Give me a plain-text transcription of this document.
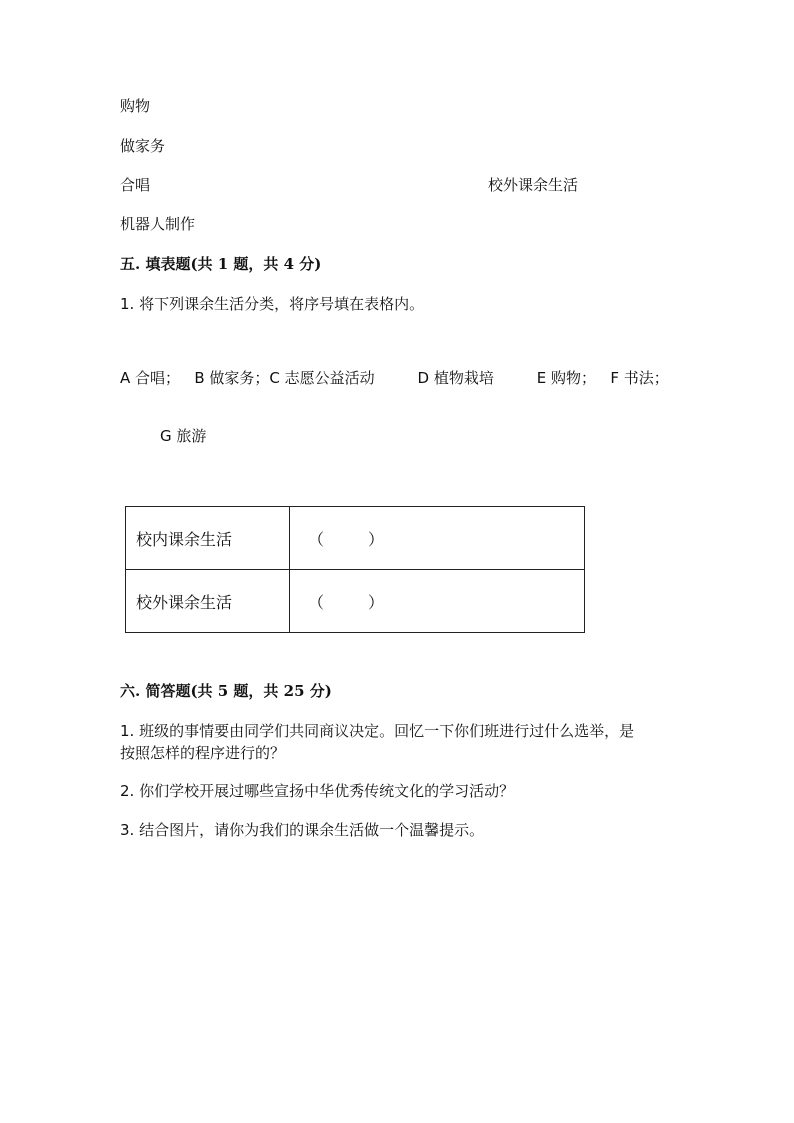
购物
做家务
合唱	校外课余生活
机器人制作
五. 填表题(共 1 题，共 4 分)
1. 将下列课余生活分类，将序号填在表格内。
A 合唱；   B 做家务；C 志愿公益活动         D 植物栽培         E 购物；   F 书法；
G 旅游
校内课余生活	（ ）
校外课余生活	（ ）
六. 简答题(共 5 题，共 25 分)
1. 班级的事情要由同学们共同商议决定。回忆一下你们班进行过什么选举，是
按照怎样的程序进行的？
2. 你们学校开展过哪些宣扬中华优秀传统文化的学习活动？
3. 结合图片，请你为我们的课余生活做一个温馨提示。
